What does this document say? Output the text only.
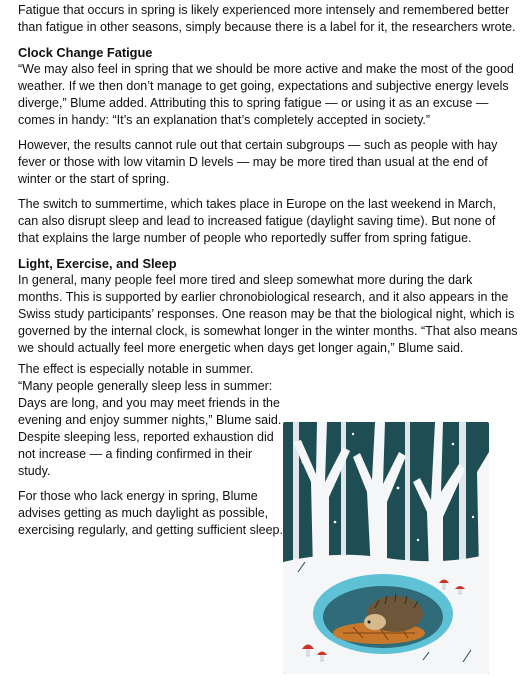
Fatigue that occurs in spring is likely experienced more intensely and remembered better than fatigue in other seasons, simply because there is a label for it, the researchers wrote.

Clock Change Fatigue

“We may also feel in spring that we should be more active and make the most of the good weather. If we then don’t manage to get going, expectations and subjective energy levels diverge,” Blume added. Attributing this to spring fatigue — or using it as an excuse — comes in handy: “It’s an explanation that’s completely accepted in society.”

However, the results cannot rule out that certain subgroups — such as people with hay fever or those with low vitamin D levels — may be more tired than usual at the end of winter or the start of spring.

The switch to summertime, which takes place in Europe on the last weekend in March, can also disrupt sleep and lead to increased fatigue (daylight saving time). But none of that explains the large number of people who reportedly suffer from spring fatigue.

Light, Exercise, and Sleep

In general, many people feel more tired and sleep somewhat more during the dark months. This is supported by earlier chronobiological research, and it also appears in the Swiss study participants’ responses. One reason may be that the biological night, which is governed by the internal clock, is somewhat longer in the winter months. “That also means we should actually feel more energetic when days get longer again,” Blume said.

The effect is especially notable in summer. “Many people generally sleep less in summer: Days are long, and you may meet friends in the evening and enjoy summer nights,” Blume said. Despite sleeping less, reported exhaustion did not increase — a finding confirmed in their study.

For those who lack energy in spring, Blume advises getting as much daylight as possible, exercising regularly, and getting sufficient sleep.
